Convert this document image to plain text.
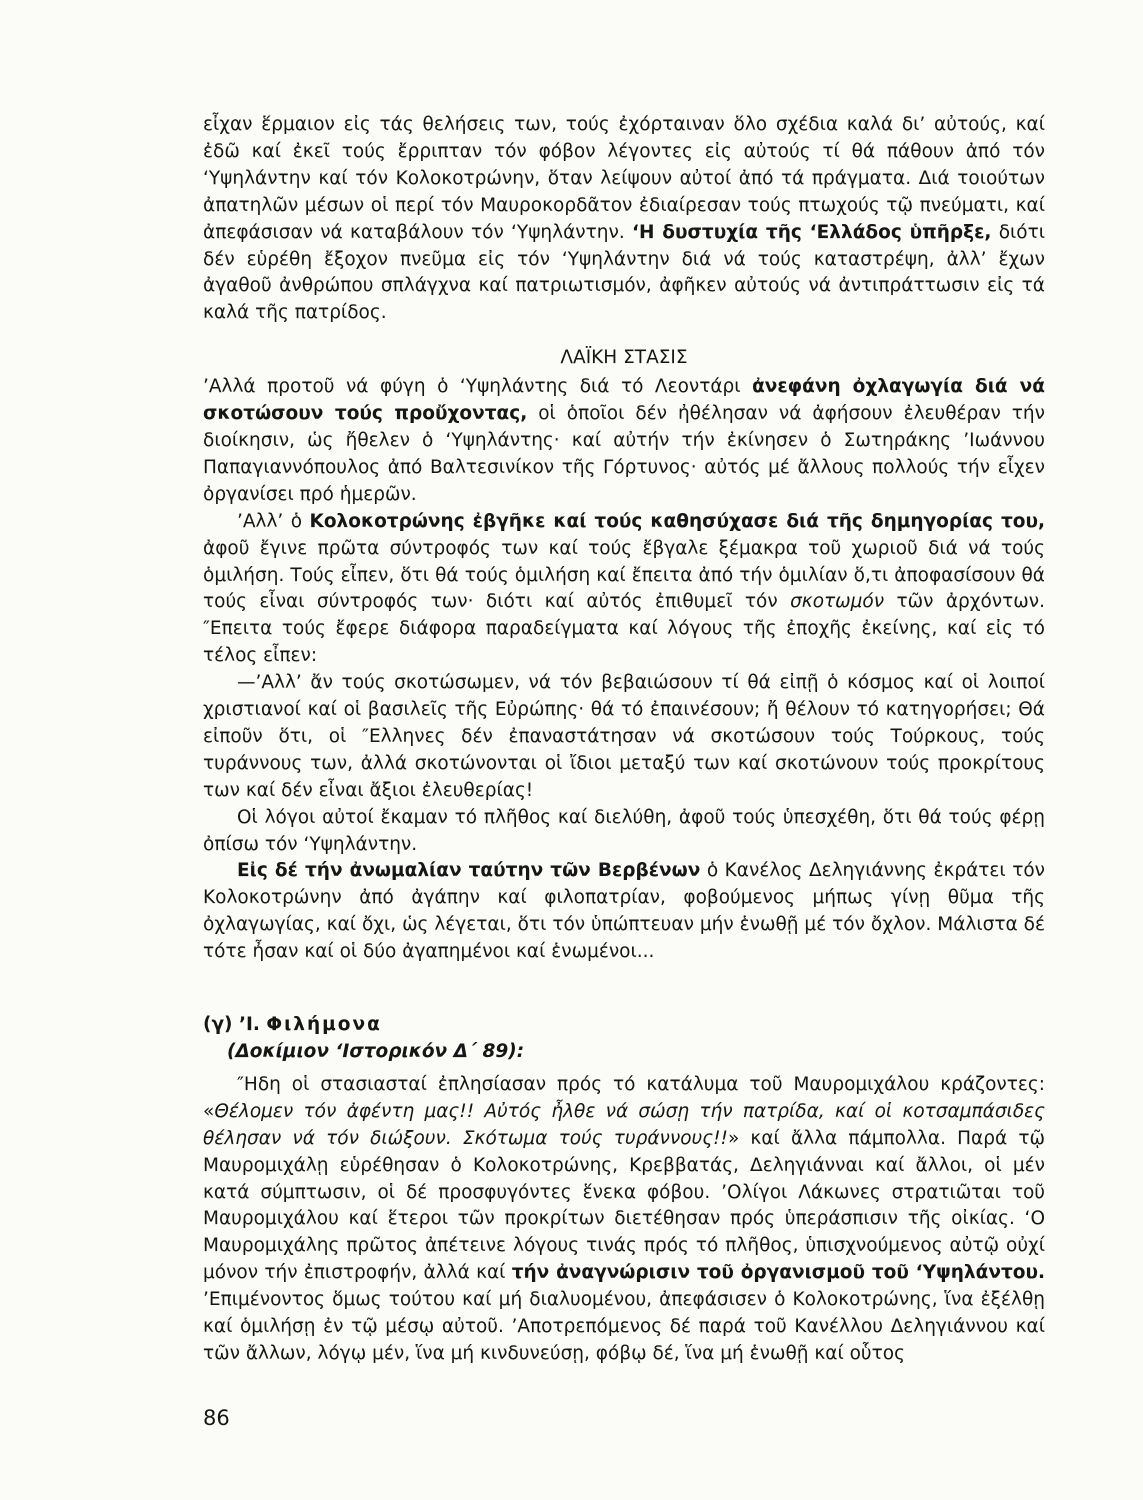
εἶχαν ἕρμαιον εἰς τάς θελήσεις των, τούς ἐχόρταιναν ὅλο σχέδια καλά δι’ αὐτούς, καί ἐδῶ καί ἐκεῖ τούς ἔρριπταν τόν φόβον λέγοντες εἰς αὐτούς τί θά πάθουν ἀπό τόν ‘Υψηλάντην καί τόν Κολοκοτρώνην, ὅταν λείψουν αὐτοί ἀπό τά πράγματα. Διά τοιούτων ἀπατηλῶν μέσων οἱ περί τόν Μαυροκορδᾶτον ἐδιαίρεσαν τούς πτωχούς τῷ πνεύματι, καί ἀπεφάσισαν νά καταβάλουν τόν ‘Υψηλάντην. ‘Η δυστυχία τῆς ‘Ελλάδος ὑπῆρξε, διότι δέν εὑρέθη ἔξοχον πνεῦμα εἰς τόν ‘Υψηλάντην διά νά τούς καταστρέψη, ἀλλ’ ἔχων ἀγαθοῦ ἀνθρώπου σπλάγχνα καί πατριωτισμόν, ἀφῆκεν αὐτούς νά ἀντιπράττωσιν εἰς τά καλά τῆς πατρίδος.

ΛΑΪΚΗ ΣΤΑΣΙΣ

’Αλλά προτοῦ νά φύγη ὁ ‘Υψηλάντης διά τό Λεοντάρι ἀνεφάνη ὀχλαγωγία διά νά σκοτώσουν τούς προὔχοντας, οἱ ὁποῖοι δέν ἠθέλησαν νά ἀφήσουν ἐλευθέραν τήν διοίκησιν, ὡς ἤθελεν ὁ ‘Υψηλάντης· καί αὐτήν τήν ἐκίνησεν ὁ Σωτηράκης ’Ιωάννου Παπαγιαννόπουλος ἀπό Βαλτεσινίκον τῆς Γόρτυνος· αὐτός μέ ἄλλους πολλούς τήν εἶχεν ὀργανίσει πρό ἡμερῶν.

’Αλλ’ ὁ Κολοκοτρώνης ἐβγῆκε καί τούς καθησύχασε διά τῆς δημηγορίας του, ἀφοῦ ἔγινε πρῶτα σύντροφός των καί τούς ἔβγαλε ξέμακρα τοῦ χωριοῦ διά νά τούς ὁμιλήση. Τούς εἶπεν, ὅτι θά τούς ὁμιλήση καί ἔπειτα ἀπό τήν ὁμιλίαν ὅ,τι ἀποφασίσουν θά τούς εἶναι σύντροφός των· διότι καί αὐτός ἐπιθυμεῖ τόν σκοτωμόν τῶν ἀρχόντων. ″Επειτα τούς ἔφερε διάφορα παραδείγματα καί λόγους τῆς ἐποχῆς ἐκείνης, καί εἰς τό τέλος εἶπεν:

—’Αλλ’ ἄν τούς σκοτώσωμεν, νά τόν βεβαιώσουν τί θά εἰπῇ ὁ κόσμος καί οἱ λοιποί χριστιανοί καί οἱ βασιλεῖς τῆς Εὐρώπης· θά τό ἐπαινέσουν; ἤ θέλουν τό κατηγορήσει; Θά εἰποῦν ὅτι, οἱ ″Ελληνες δέν ἐπαναστάτησαν νά σκοτώσουν τούς Τούρκους, τούς τυράννους των, ἀλλά σκοτώνονται οἱ ἴδιοι μεταξύ των καί σκοτώνουν τούς προκρίτους των καί δέν εἶναι ἄξιοι ἐλευθερίας!

Οἱ λόγοι αὐτοί ἔκαμαν τό πλῆθος καί διελύθη, ἀφοῦ τούς ὑπεσχέθη, ὅτι θά τούς φέρῃ ὀπίσω τόν ‘Υψηλάντην.

Εἰς δέ τήν ἀνωμαλίαν ταύτην τῶν Βερβένων ὁ Κανέλος Δεληγιάννης ἐκράτει τόν Κολοκοτρώνην ἀπό ἀγάπην καί φιλοπατρίαν, φοβούμενος μήπως γίνῃ θῦμα τῆς ὀχλαγωγίας, καί ὄχι, ὡς λέγεται, ὅτι τόν ὑπώπτευαν μήν ἑνωθῇ μέ τόν ὄχλον. Μάλιστα δέ τότε ἦσαν καί οἱ δύο ἀγαπημένοι καί ἑνωμένοι...

(γ) ’Ι. Φιλήμονα

(Δοκίμιον ‘Ιστορικόν Δ΄ 89):

″Ηδη οἱ στασιασταί ἐπλησίασαν πρός τό κατάλυμα τοῦ Μαυρομιχάλου κράζοντες: «Θέλομεν τόν ἀφέντη μας!! Αὐτός ἦλθε νά σώσῃ τήν πατρίδα, καί οἱ κοτσαμπάσιδες θέλησαν νά τόν διώξουν. Σκότωμα τούς τυράννους!!» καί ἄλλα πάμπολλα. Παρά τῷ Μαυρομιχάλῃ εὑρέθησαν ὁ Κολοκοτρώνης, Κρεββατάς, Δεληγιάνναι καί ἄλλοι, οἱ μέν κατά σύμπτωσιν, οἱ δέ προσφυγόντες ἕνεκα φόβου. ’Ολίγοι Λάκωνες στρατιῶται τοῦ Μαυρομιχάλου καί ἕτεροι τῶν προκρίτων διετέθησαν πρός ὑπεράσπισιν τῆς οἰκίας. ‘Ο Μαυρομιχάλης πρῶτος ἀπέτεινε λόγους τινάς πρός τό πλῆθος, ὑπισχνούμενος αὐτῷ οὐχί μόνον τήν ἐπιστροφήν, ἀλλά καί τήν ἀναγνώρισιν τοῦ ὀργανισμοῦ τοῦ ‘Υψηλάντου. ’Επιμένοντος ὅμως τούτου καί μή διαλυομένου, ἀπεφάσισεν ὁ Κολοκοτρώνης, ἵνα ἐξέλθῃ καί ὁμιλήσῃ ἐν τῷ μέσῳ αὐτοῦ. ’Αποτρεπόμενος δέ παρά τοῦ Κανέλλου Δεληγιάννου καί τῶν ἄλλων, λόγῳ μέν, ἵνα μή κινδυνεύσῃ, φόβῳ δέ, ἵνα μή ἑνωθῇ καί οὗτος

86
